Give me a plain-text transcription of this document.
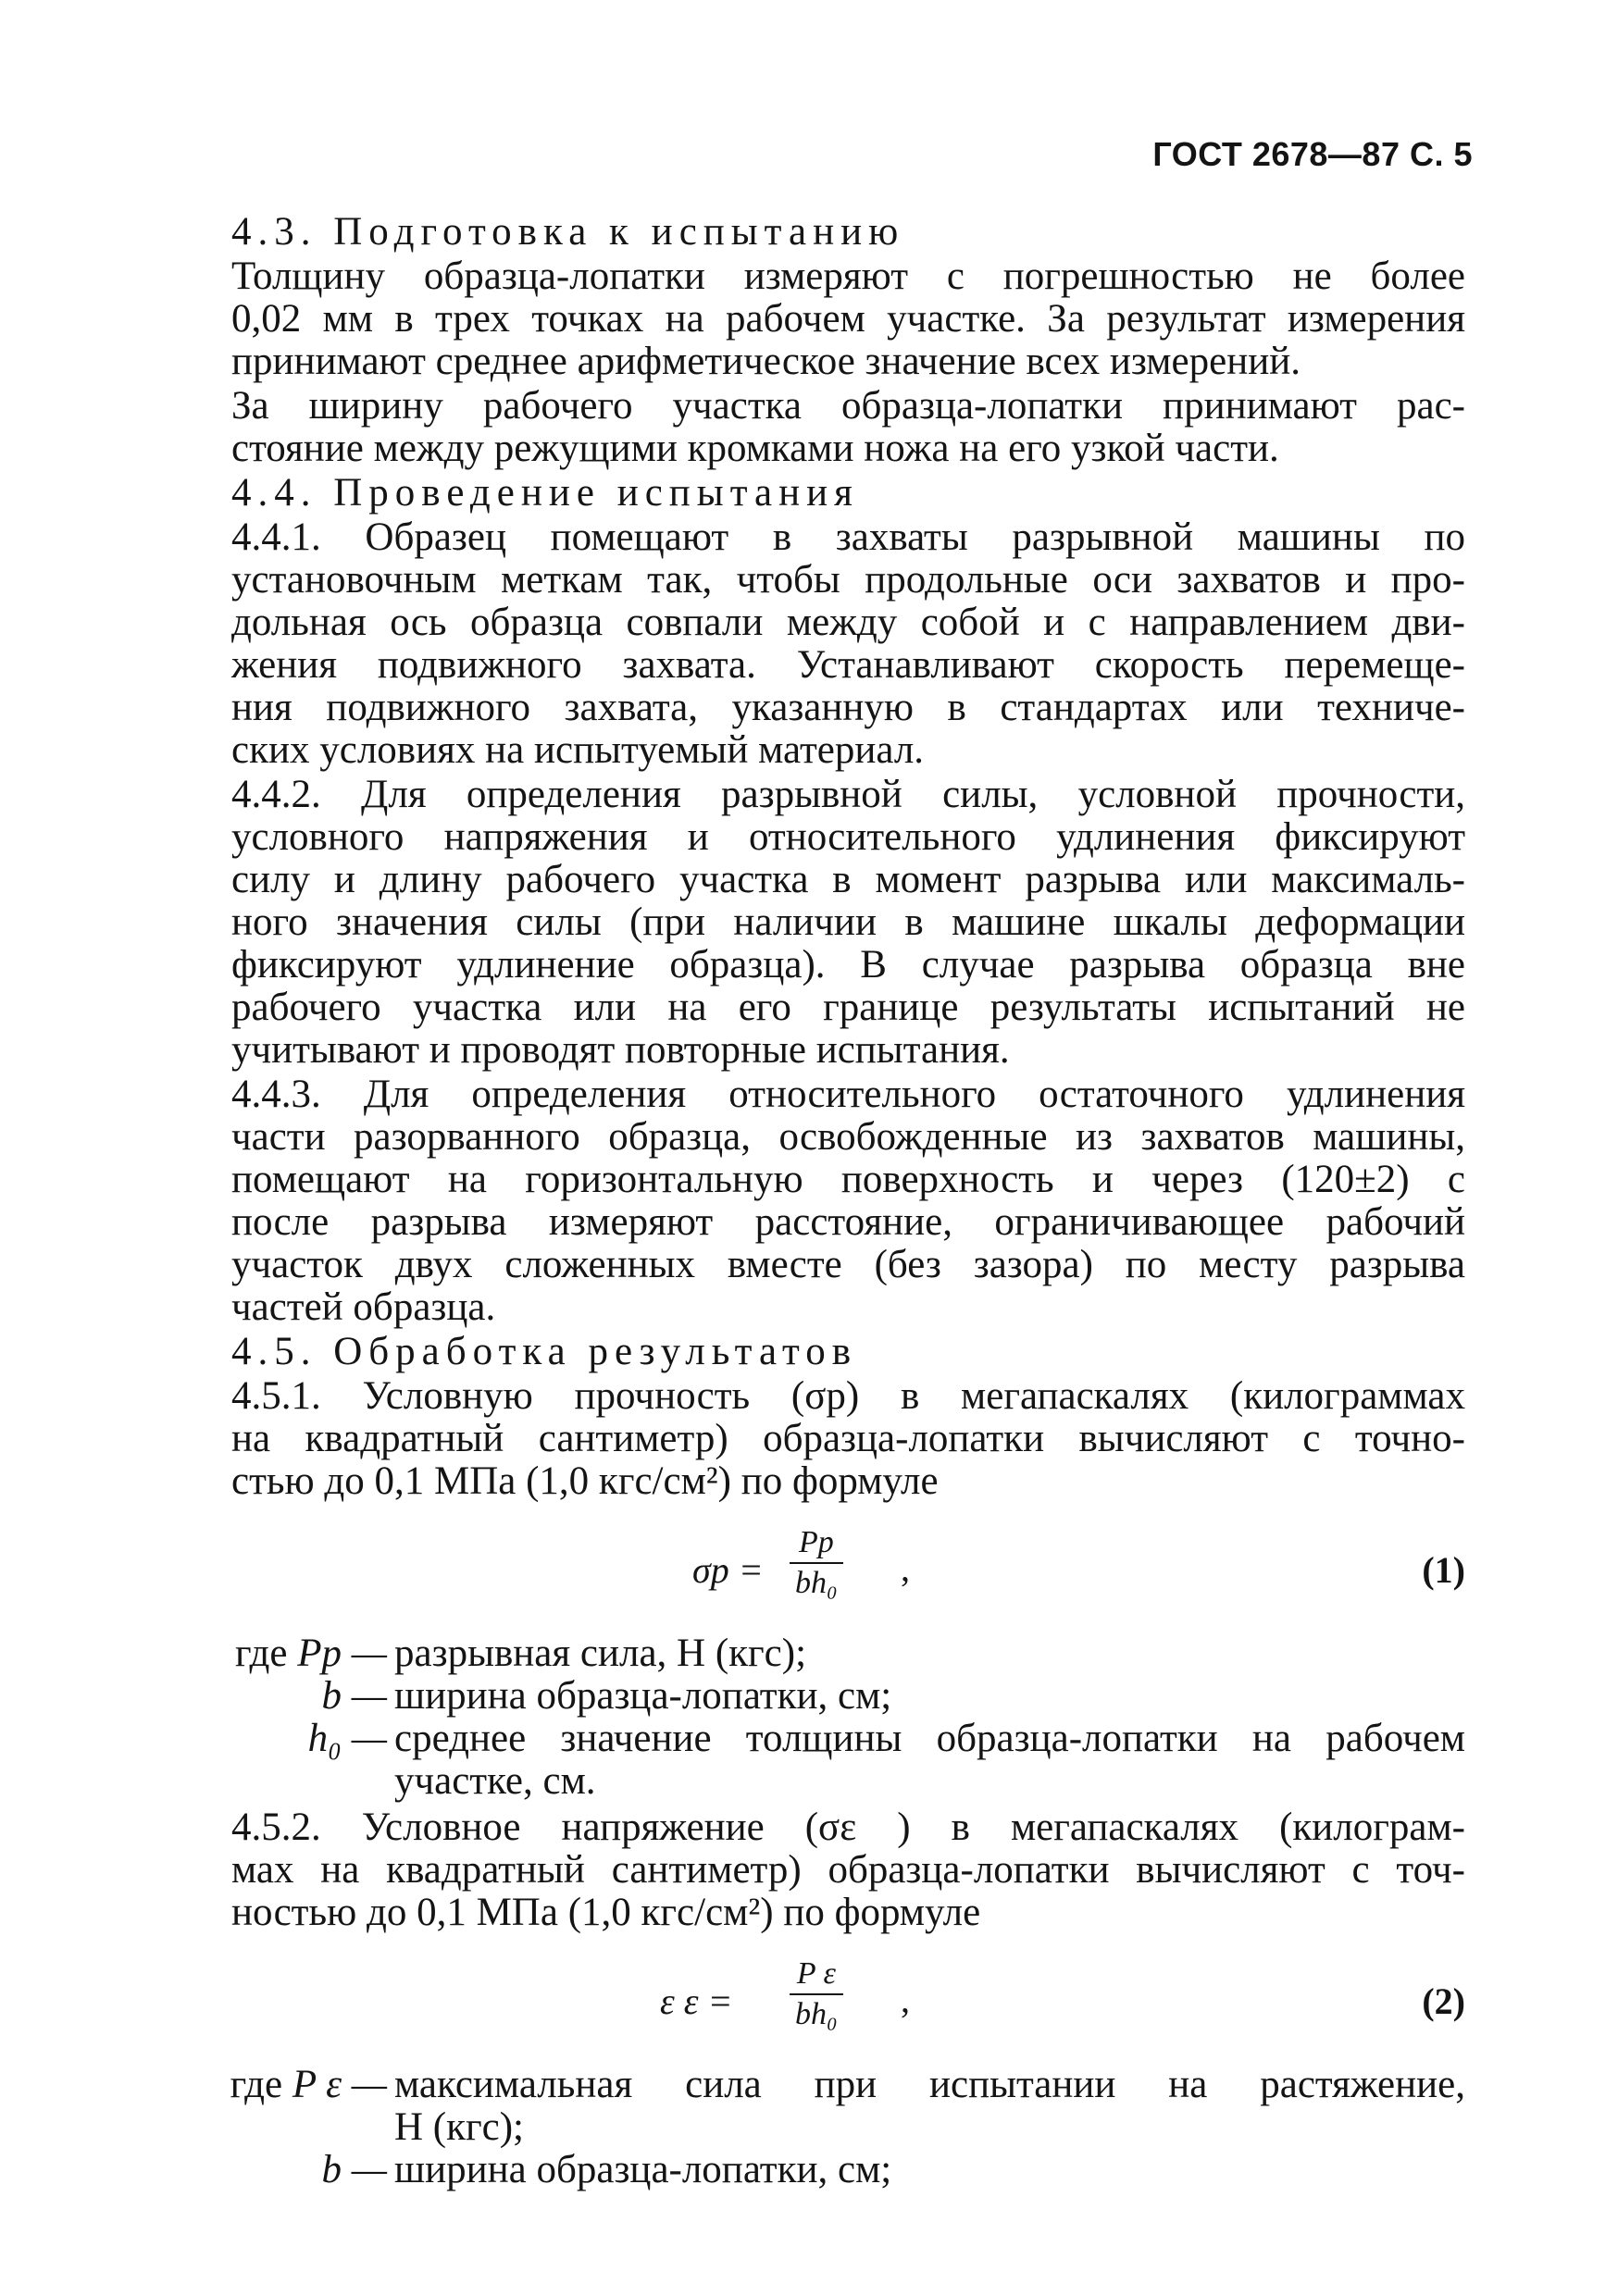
ГОСТ 2678—87 С. 5
4.3. Подготовка к испытанию
Толщину образца-лопатки измеряют с погрешностью не более
0,02 мм в трех точках на рабочем участке. За результат измерения
принимают среднее арифметическое значение всех измерений.
За ширину рабочего участка образца-лопатки принимают рас-
стояние между режущими кромками ножа на его узкой части.
4.4. Проведение испытания
4.4.1. Образец помещают в захваты разрывной машины по
установочным меткам так, чтобы продольные оси захватов и про-
дольная ось образца совпали между собой и с направлением дви-
жения подвижного захвата. Устанавливают скорость перемеще-
ния подвижного захвата, указанную в стандартах или техниче-
ских условиях на испытуемый материал.
4.4.2. Для определения разрывной силы, условной прочности,
условного напряжения и относительного удлинения фиксируют
силу и длину рабочего участка в момент разрыва или максималь-
ного значения силы (при наличии в машине шкалы деформации
фиксируют удлинение образца). В случае разрыва образца вне
рабочего участка или на его границе результаты испытаний не
учитывают и проводят повторные испытания.
4.4.3. Для определения относительного остаточного удлинения
части разорванного образца, освобожденные из захватов машины,
помещают на горизонтальную поверхность и через (120±2) с
после разрыва измеряют расстояние, ограничивающее рабочий
участок двух сложенных вместе (без зазора) по месту разрыва
частей образца.
4.5. Обработка результатов
4.5.1. Условную прочность (σр) в мегапаскалях (килограммах
на квадратный сантиметр) образца-лопатки вычисляют с точно-
стью до 0,1 МПа (1,0 кгс/см²) по формуле
σр =
Pр
bh₀ ,	(1)
где Pр — разрывная сила, Н (кгс);
b — ширина образца-лопатки, см;
h₀ — среднее значение толщины образца-лопатки на рабочем
участке, см.
4.5.2. Условное напряжение (σε ) в мегапаскалях (килограм-
мах на квадратный сантиметр) образца-лопатки вычисляют с точ-
ностью до 0,1 МПа (1,0 кгс/см²) по формуле
ε ε =
P ε
bh₀ ,	(2)
где P ε — максимальная сила при испытании на растяжение,
Н (кгс);
b — ширина образца-лопатки, см;
